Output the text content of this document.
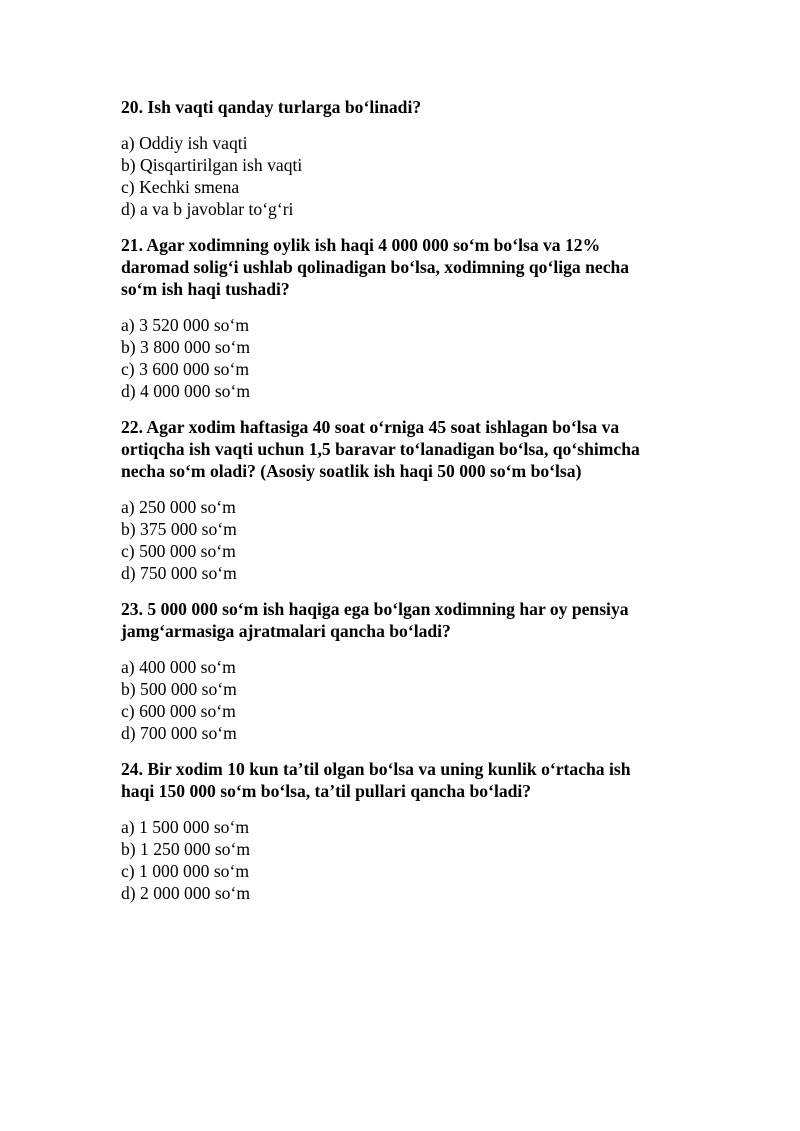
20. Ish vaqti qanday turlarga bo‘linadi?

a) Oddiy ish vaqti
b) Qisqartirilgan ish vaqti
c) Kechki smena
d) a va b javoblar to‘g‘ri

21. Agar xodimning oylik ish haqi 4 000 000 so‘m bo‘lsa va 12%
daromad solig‘i ushlab qolinadigan bo‘lsa, xodimning qo‘liga necha
so‘m ish haqi tushadi?

a) 3 520 000 so‘m
b) 3 800 000 so‘m
c) 3 600 000 so‘m
d) 4 000 000 so‘m

22. Agar xodim haftasiga 40 soat o‘rniga 45 soat ishlagan bo‘lsa va
ortiqcha ish vaqti uchun 1,5 baravar to‘lanadigan bo‘lsa, qo‘shimcha
necha so‘m oladi? (Asosiy soatlik ish haqi 50 000 so‘m bo‘lsa)

a) 250 000 so‘m
b) 375 000 so‘m
c) 500 000 so‘m
d) 750 000 so‘m

23. 5 000 000 so‘m ish haqiga ega bo‘lgan xodimning har oy pensiya
jamg‘armasiga ajratmalari qancha bo‘ladi?

a) 400 000 so‘m
b) 500 000 so‘m
c) 600 000 so‘m
d) 700 000 so‘m

24. Bir xodim 10 kun ta’til olgan bo‘lsa va uning kunlik o‘rtacha ish
haqi 150 000 so‘m bo‘lsa, ta’til pullari qancha bo‘ladi?

a) 1 500 000 so‘m
b) 1 250 000 so‘m
c) 1 000 000 so‘m
d) 2 000 000 so‘m
